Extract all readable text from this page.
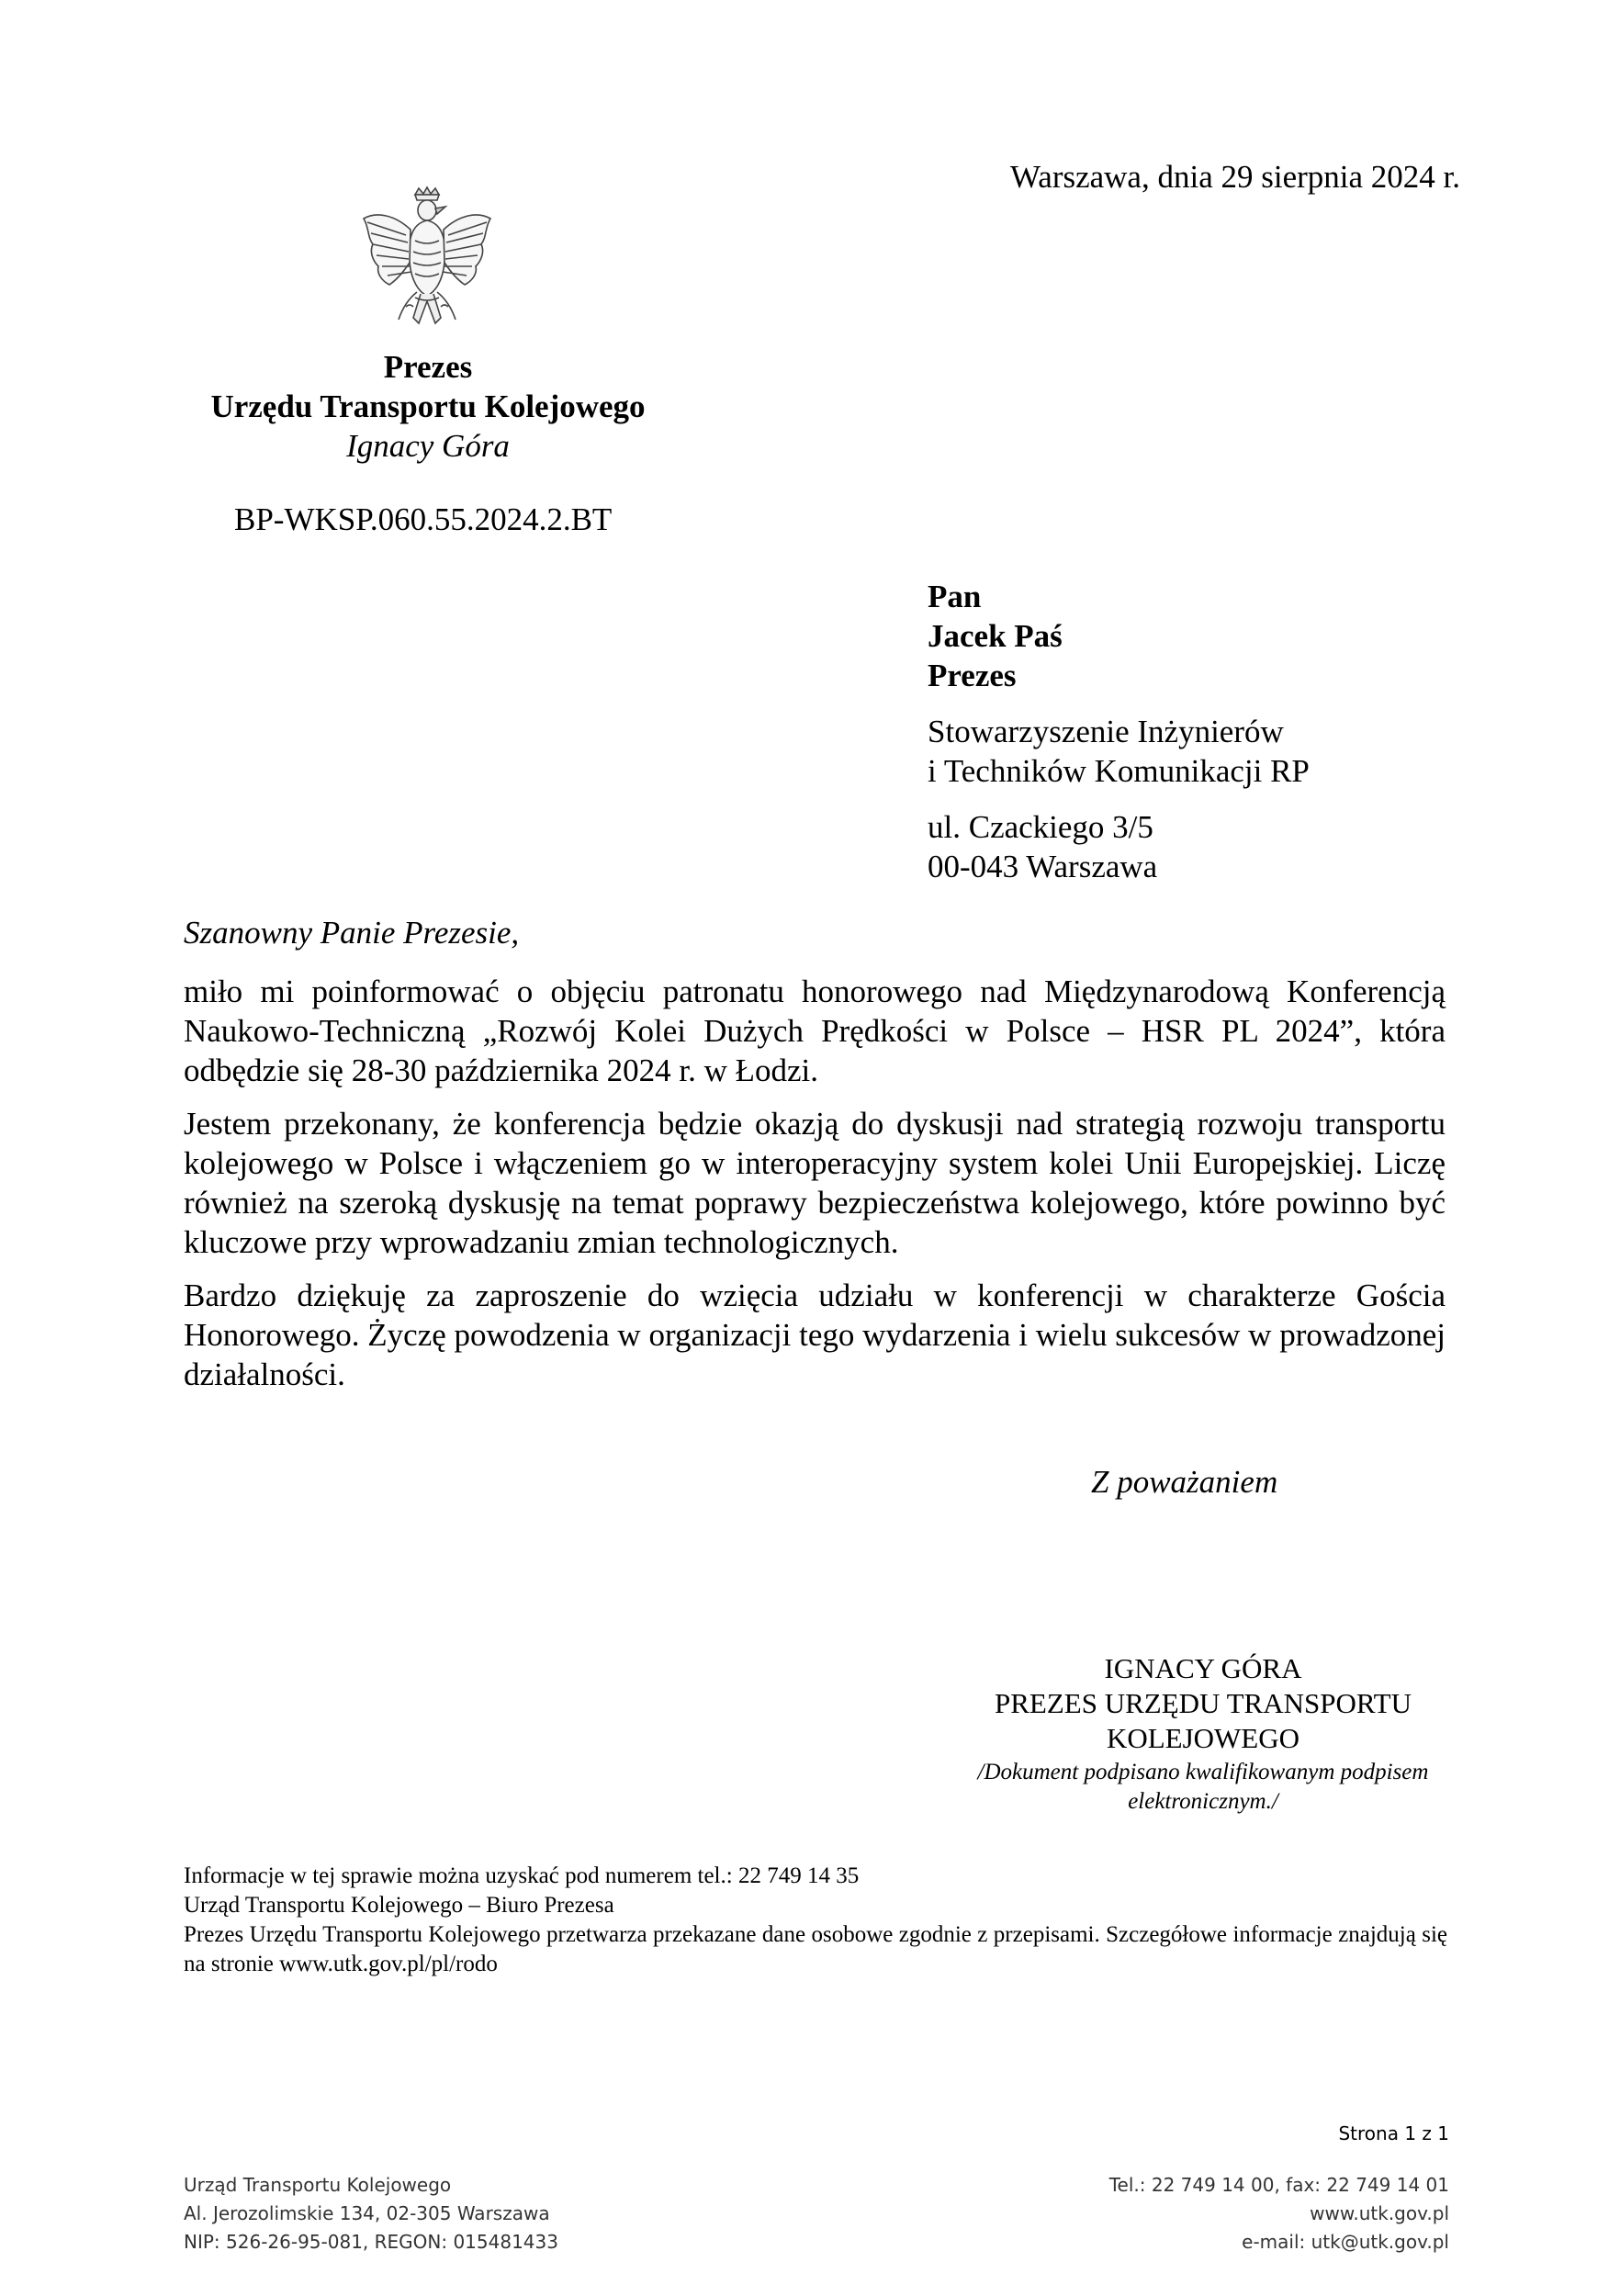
Warszawa, dnia 29 sierpnia 2024 r.
Prezes
Urzędu Transportu Kolejowego
Ignacy Góra
BP-WKSP.060.55.2024.2.BT
Pan
Jacek Paś
Prezes
Stowarzyszenie Inżynierów
i Techników Komunikacji RP
ul. Czackiego 3/5
00-043 Warszawa
Szanowny Panie Prezesie,

miło mi poinformować o objęciu patronatu honorowego nad Międzynarodową Konferencją Naukowo-Techniczną „Rozwój Kolei Dużych Prędkości w Polsce – HSR PL 2024”, która odbędzie się 28-30 października 2024 r. w Łodzi.

Jestem przekonany, że konferencja będzie okazją do dyskusji nad strategią rozwoju transportu kolejowego w Polsce i włączeniem go w interoperacyjny system kolei Unii Europejskiej. Liczę również na szeroką dyskusję na temat poprawy bezpieczeństwa kolejowego, które powinno być kluczowe przy wprowadzaniu zmian technologicznych.

Bardzo dziękuję za zaproszenie do wzięcia udziału w konferencji w charakterze Gościa Honorowego. Życzę powodzenia w organizacji tego wydarzenia i wielu sukcesów w prowadzonej działalności.

Z poważaniem
IGNACY GÓRA
PREZES URZĘDU TRANSPORTU
KOLEJOWEGO
/Dokument podpisano kwalifikowanym podpisem
elektronicznym./
Informacje w tej sprawie można uzyskać pod numerem tel.: 22 749 14 35
Urząd Transportu Kolejowego – Biuro Prezesa
Prezes Urzędu Transportu Kolejowego przetwarza przekazane dane osobowe zgodnie z przepisami. Szczegółowe informacje znajdują się na stronie www.utk.gov.pl/pl/rodo
Strona 1 z 1
Urząd Transportu Kolejowego
Al. Jerozolimskie 134, 02-305 Warszawa
NIP: 526-26-95-081, REGON: 015481433
Tel.: 22 749 14 00, fax: 22 749 14 01
www.utk.gov.pl
e-mail: utk@utk.gov.pl
